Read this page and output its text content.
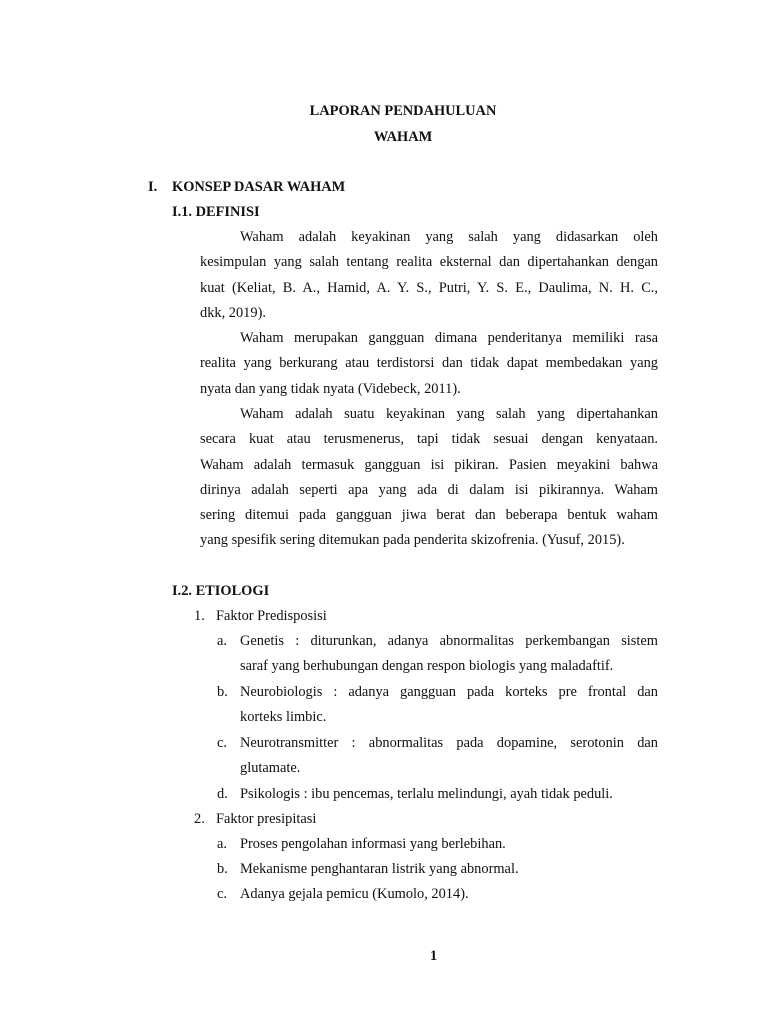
LAPORAN PENDAHULUAN
WAHAM
I. KONSEP DASAR WAHAM
I.1. DEFINISI
Waham adalah keyakinan yang salah yang didasarkan oleh
kesimpulan yang salah tentang realita eksternal dan dipertahankan dengan
kuat (Keliat, B. A., Hamid, A. Y. S., Putri, Y. S. E., Daulima, N. H. C.,
dkk, 2019).
Waham merupakan gangguan dimana penderitanya memiliki rasa
realita yang berkurang atau terdistorsi dan tidak dapat membedakan yang
nyata dan yang tidak nyata (Videbeck, 2011).
Waham adalah suatu keyakinan yang salah yang dipertahankan
secara kuat atau terusmenerus, tapi tidak sesuai dengan kenyataan.
Waham adalah termasuk gangguan isi pikiran. Pasien meyakini bahwa
dirinya adalah seperti apa yang ada di dalam isi pikirannya. Waham
sering ditemui pada gangguan jiwa berat dan beberapa bentuk waham
yang spesifik sering ditemukan pada penderita skizofrenia. (Yusuf, 2015).
I.2. ETIOLOGI
1. Faktor Predisposisi
a. Genetis : diturunkan, adanya abnormalitas perkembangan sistem
saraf yang berhubungan dengan respon biologis yang maladaftif.
b. Neurobiologis : adanya gangguan pada korteks pre frontal dan
korteks limbic.
c. Neurotransmitter : abnormalitas pada dopamine, serotonin dan
glutamate.
d. Psikologis : ibu pencemas, terlalu melindungi, ayah tidak peduli.
2. Faktor presipitasi
a. Proses pengolahan informasi yang berlebihan.
b. Mekanisme penghantaran listrik yang abnormal.
c. Adanya gejala pemicu (Kumolo, 2014).
1
